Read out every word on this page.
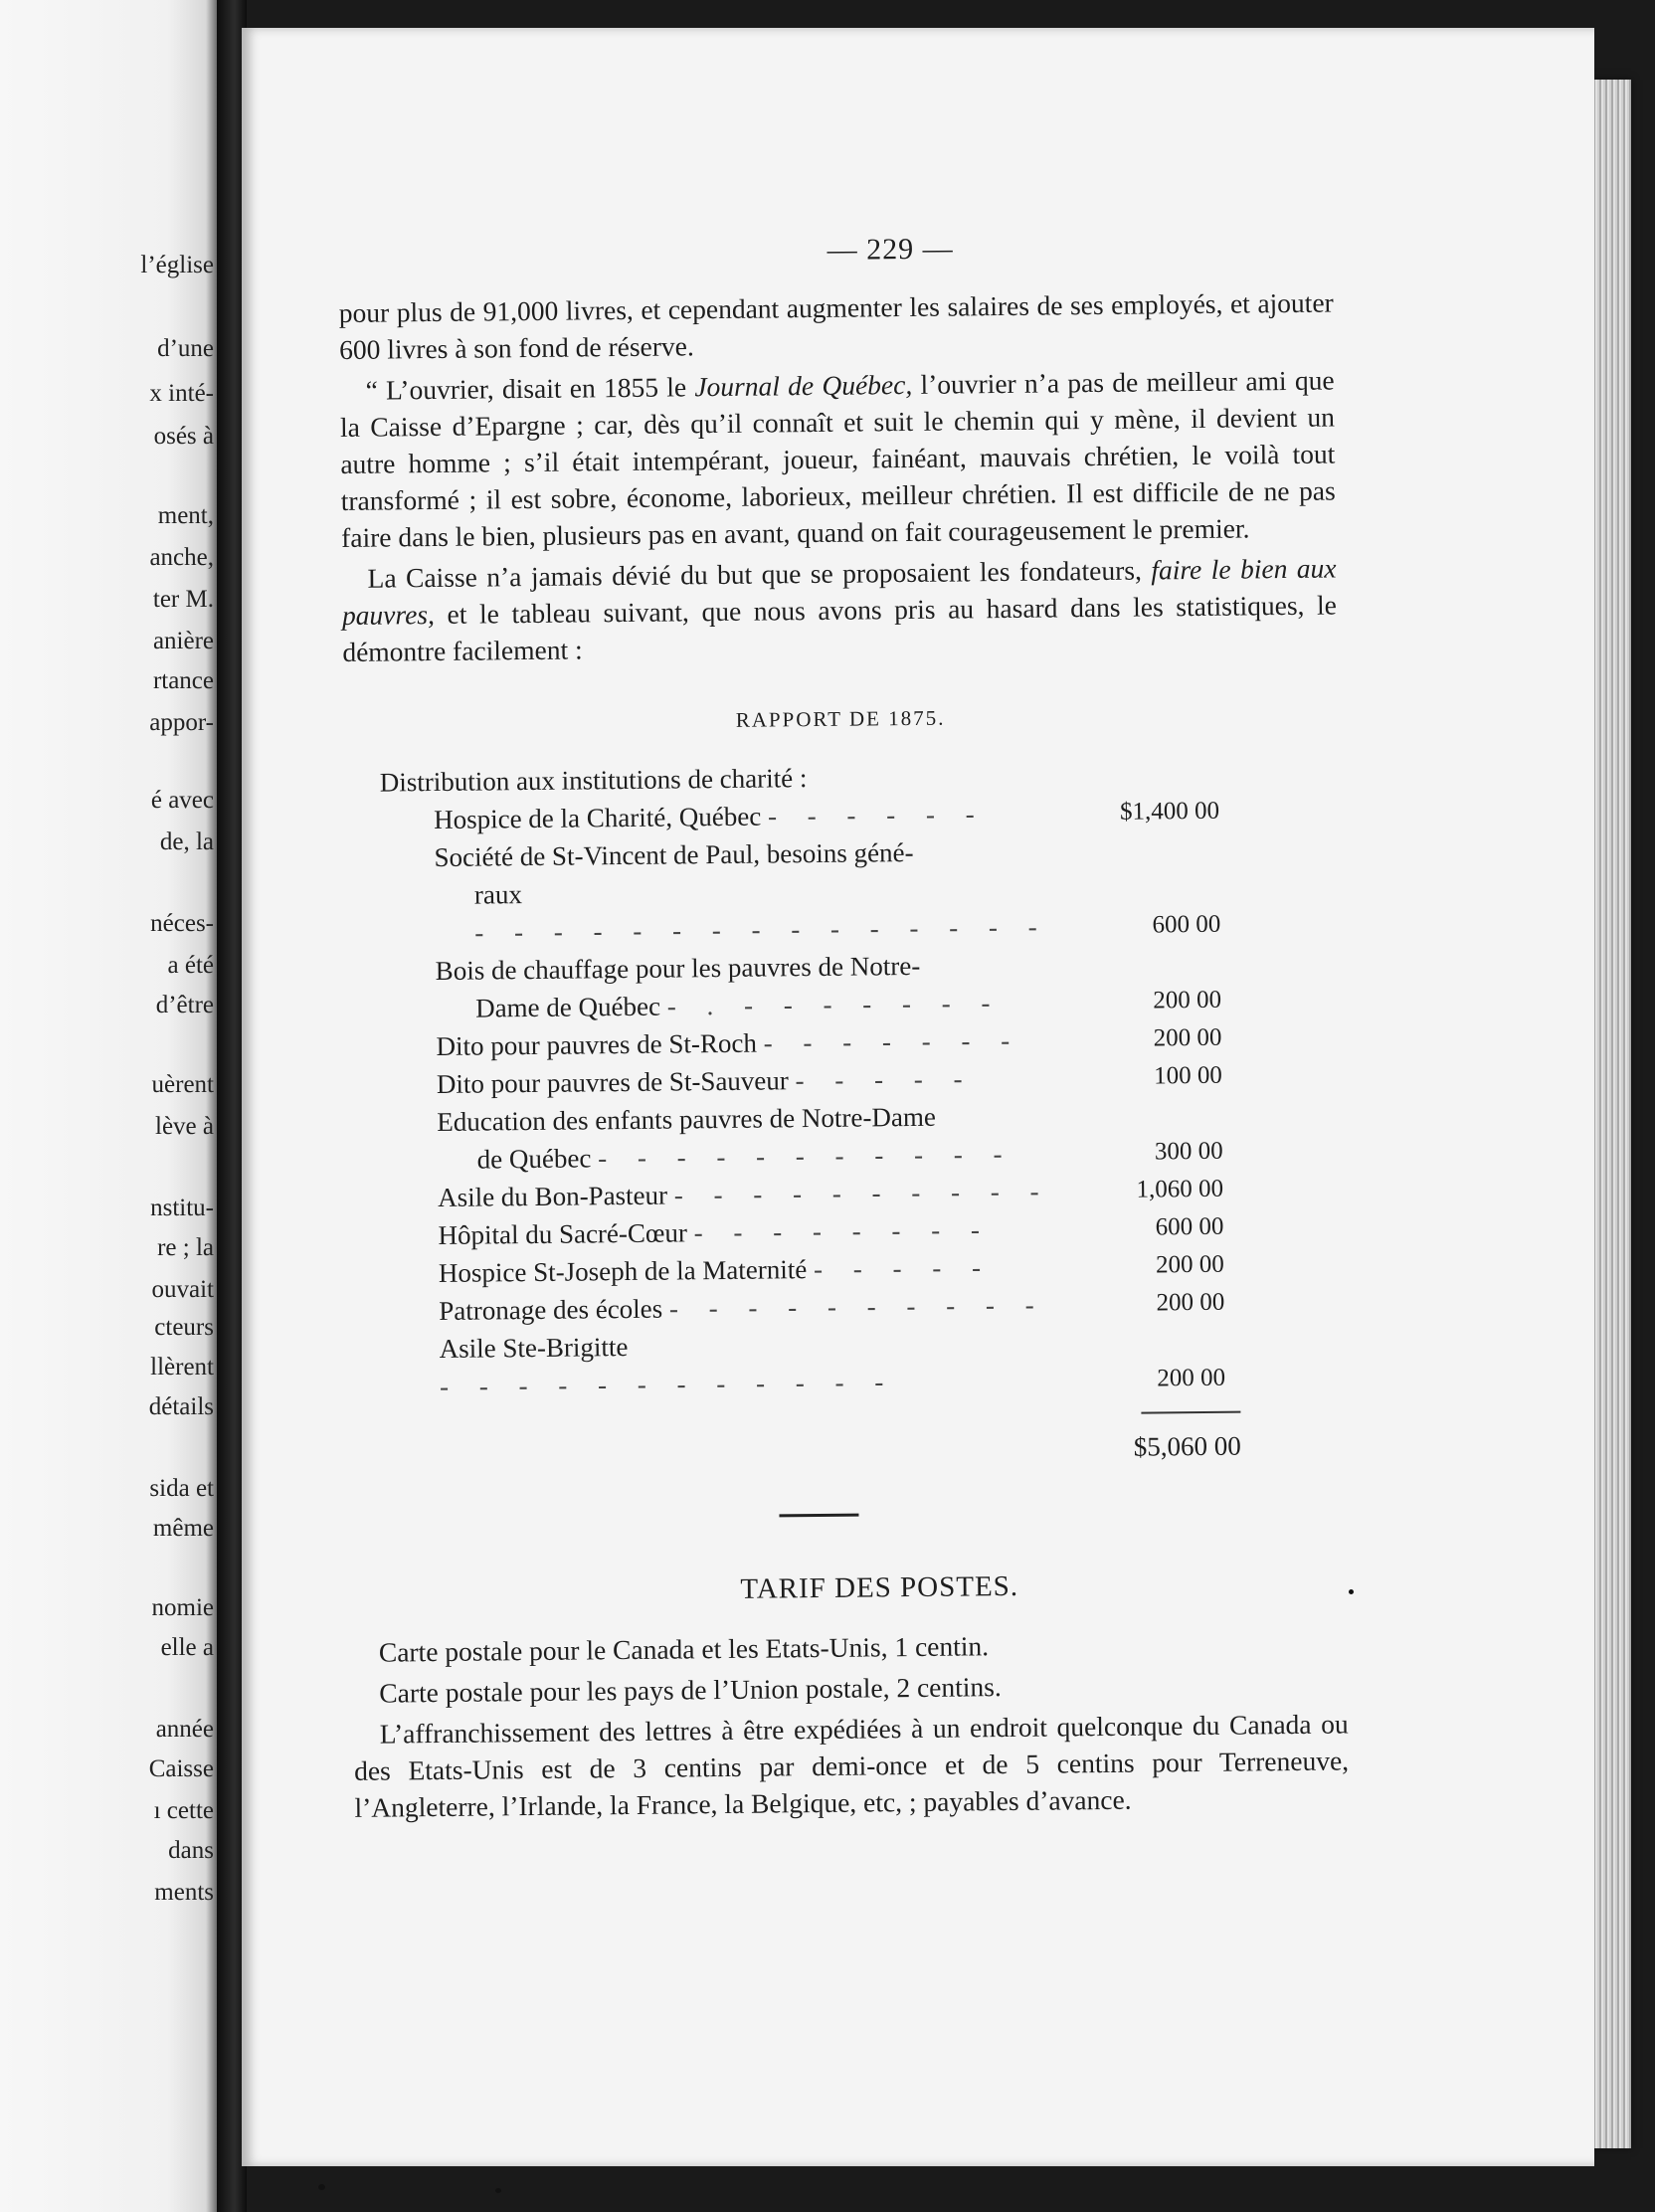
l’église
d’une
x inté-
osés à
ment,
anche,
ter M.
anière
rtance
appor-
é avec
de, la
néces-
a été
d’être
uèrent
lève à
nstitu-
re ; la
ouvait
cteurs
llèrent
détails
sida et
même
nomie
elle a
année
Caisse
ı cette
dans
ments
— 229 —

pour plus de 91,000 livres, et cependant augmenter les salaires de ses employés, et ajouter 600 livres à son fond de réserve.

“ L’ouvrier, disait en 1855 le Journal de Québec, l’ouvrier n’a pas de meilleur ami que la Caisse d’Epargne ; car, dès qu’il connaît et suit le chemin qui y mène, il devient un autre homme ; s’il était intempérant, joueur, fainéant, mauvais chrétien, le voilà tout transformé ; il est sobre, économe, laborieux, meilleur chrétien. Il est difficile de ne pas faire dans le bien, plusieurs pas en avant, quand on fait courageusement le premier.

La Caisse n’a jamais dévié du but que se proposaient les fondateurs, faire le bien aux pauvres, et le tableau suivant, que nous avons pris au hasard dans les statistiques, le démontre facilement :

RAPPORT DE 1875.
Distribution aux institutions de charité :
Hospice de la Charité, Québec - - - - - -	$1,400 00
Société de St-Vincent de Paul, besoins géné-
raux - - - - - - - - - - - - - - -	600 00
Bois de chauffage pour les pauvres de Notre-
Dame de Québec - . - - - - - - -	200 00
Dito pour pauvres de St-Roch - - - - - - -	200 00
Dito pour pauvres de St-Sauveur - - - - -	100 00
Education des enfants pauvres de Notre-Dame
de Québec - - - - - - - - - - -	300 00
Asile du Bon-Pasteur - - - - - - - - - -	1,060 00
Hôpital du Sacré-Cœur - - - - - - - -	600 00
Hospice St-Joseph de la Maternité - - - - -	200 00
Patronage des écoles - - - - - - - - - -	200 00
Asile Ste-Brigitte - - - - - - - - - - - -	200 00
$5,060 00
TARIF DES POSTES.

Carte postale pour le Canada et les Etats-Unis, 1 centin.

Carte postale pour les pays de l’Union postale, 2 centins.

L’affranchissement des lettres à être expédiées à un endroit quelconque du Canada ou des Etats-Unis est de 3 centins par demi-once et de 5 centins pour Terreneuve, l’Angleterre, l’Irlande, la France, la Belgique, etc, ; payables d’avance.
